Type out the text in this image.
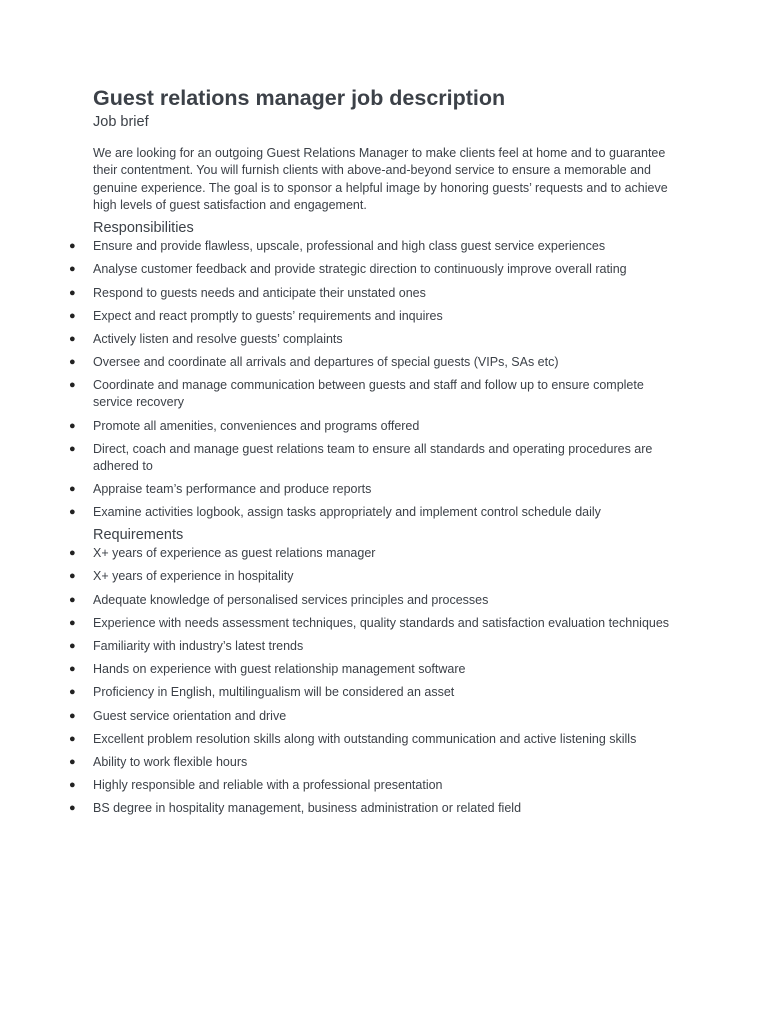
Guest relations manager job description
Job brief

We are looking for an outgoing Guest Relations Manager to make clients feel at home and to guarantee their contentment. You will furnish clients with above-and-beyond service to ensure a memorable and genuine experience. The goal is to sponsor a helpful image by honoring guests’ requests and to achieve high levels of guest satisfaction and engagement.

Responsibilities
● Ensure and provide flawless, upscale, professional and high class guest service experiences
● Analyse customer feedback and provide strategic direction to continuously improve overall rating
● Respond to guests needs and anticipate their unstated ones
● Expect and react promptly to guests’ requirements and inquires
● Actively listen and resolve guests’ complaints
● Oversee and coordinate all arrivals and departures of special guests (VIPs, SAs etc)
● Coordinate and manage communication between guests and staff and follow up to ensure complete service recovery
● Promote all amenities, conveniences and programs offered
● Direct, coach and manage guest relations team to ensure all standards and operating procedures are adhered to
● Appraise team’s performance and produce reports
● Examine activities logbook, assign tasks appropriately and implement control schedule daily
Requirements
● X+ years of experience as guest relations manager
● X+ years of experience in hospitality
● Adequate knowledge of personalised services principles and processes
● Experience with needs assessment techniques, quality standards and satisfaction evaluation techniques
● Familiarity with industry’s latest trends
● Hands on experience with guest relationship management software
● Proficiency in English, multilingualism will be considered an asset
● Guest service orientation and drive
● Excellent problem resolution skills along with outstanding communication and active listening skills
● Ability to work flexible hours
● Highly responsible and reliable with a professional presentation
● BS degree in hospitality management, business administration or related field
